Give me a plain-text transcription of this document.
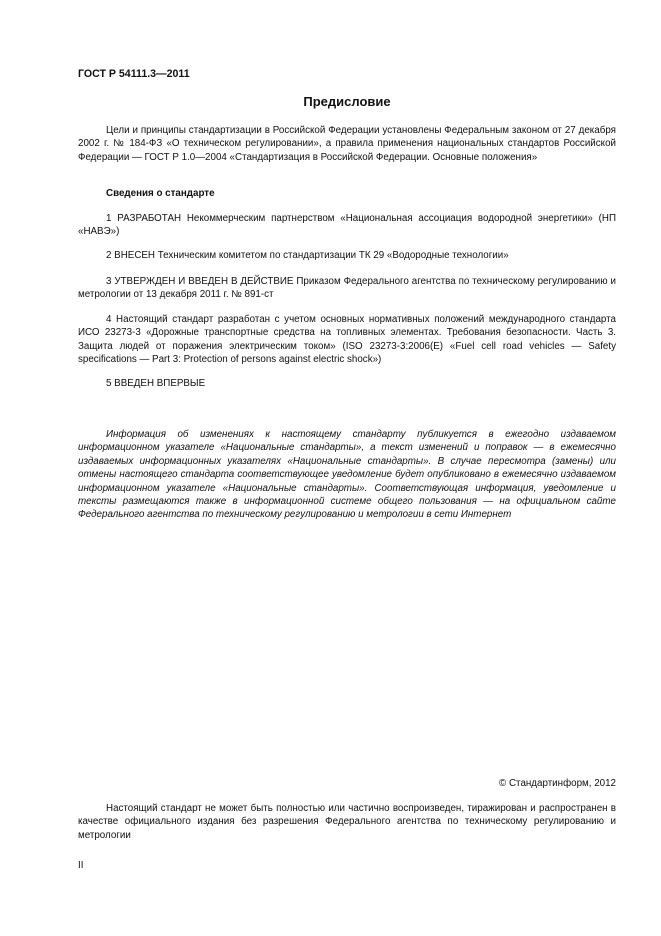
ГОСТ Р 54111.3—2011
Предисловие

Цели и принципы стандартизации в Российской Федерации установлены Федеральным законом от 27 декабря 2002 г. № 184-ФЗ «О техническом регулировании», а правила применения национальных стандартов Российской Федерации — ГОСТ Р 1.0—2004 «Стандартизация в Российской Федерации. Основные положения»

Сведения о стандарте

1 РАЗРАБОТАН Некоммерческим партнерством «Национальная ассоциация водородной энергетики» (НП «НАВЭ»)

2 ВНЕСЕН Техническим комитетом по стандартизации ТК 29 «Водородные технологии»

3 УТВЕРЖДЕН И ВВЕДЕН В ДЕЙСТВИЕ Приказом Федерального агентства по техническому регулированию и метрологии от 13 декабря 2011 г. № 891-ст

4 Настоящий стандарт разработан с учетом основных нормативных положений международного стандарта ИСО 23273-3 «Дорожные транспортные средства на топливных элементах. Требования безопасности. Часть 3. Защита людей от поражения электрическим током» (ISO 23273-3:2006(E) «Fuel cell road vehicles — Safety specifications — Part 3: Protection of persons against electric shock»)

5 ВВЕДЕН ВПЕРВЫЕ

Информация об изменениях к настоящему стандарту публикуется в ежегодно издаваемом информационном указателе «Национальные стандарты», а текст изменений и поправок — в ежемесячно издаваемых информационных указателях «Национальные стандарты». В случае пересмотра (замены) или отмены настоящего стандарта соответствующее уведомление будет опубликовано в ежемесячно издаваемом информационном указателе «Национальные стандарты». Соответствующая информация, уведомление и тексты размещаются также в информационной системе общего пользования — на официальном сайте Федерального агентства по техническому регулированию и метрологии в сети Интернет

© Стандартинформ, 2012

Настоящий стандарт не может быть полностью или частично воспроизведен, тиражирован и распространен в качестве официального издания без разрешения Федерального агентства по техническому регулированию и метрологии

II
